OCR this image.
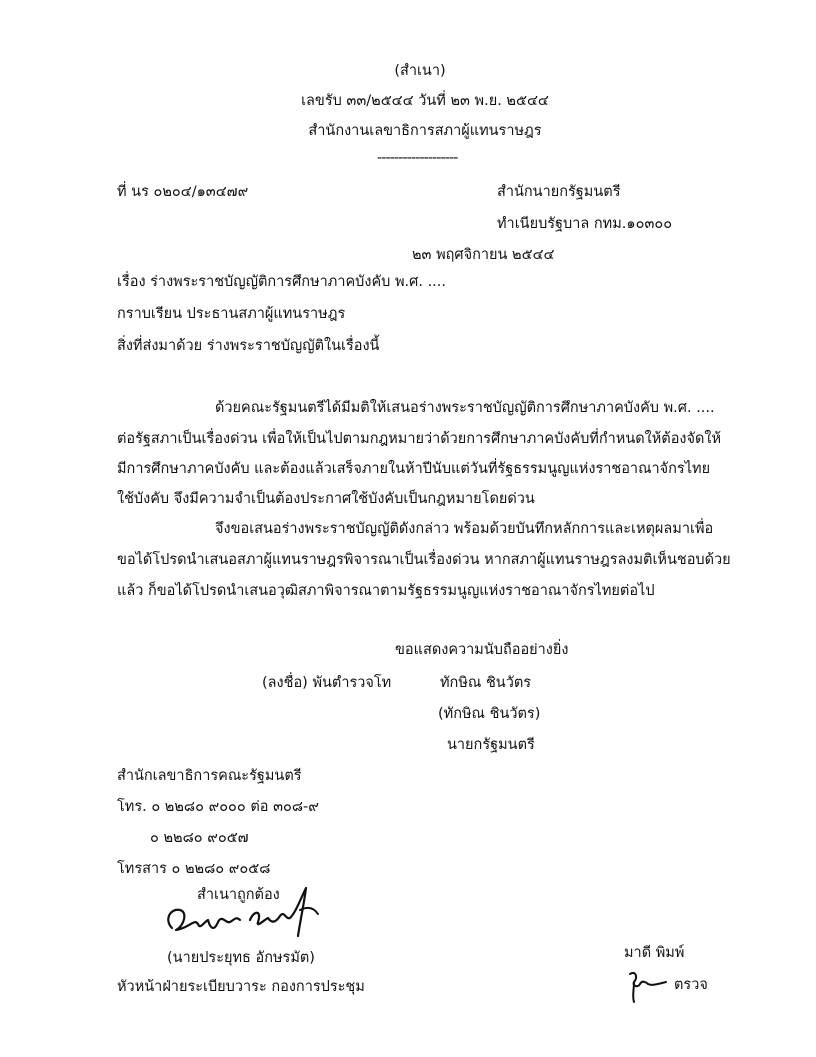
(สำเนา)
เลขรับ ๓๓/๒๕๔๔ วันที่ ๒๓ พ.ย. ๒๕๔๔
สำนักงานเลขาธิการสภาผู้แทนราษฎร
-------------------
ที่ นร ๐๒๐๔/๑๓๔๗๙	สำนักนายกรัฐมนตรี
ทำเนียบรัฐบาล กทม.๑๐๓๐๐
๒๓ พฤศจิกายน ๒๕๔๔
เรื่อง ร่างพระราชบัญญัติการศึกษาภาคบังคับ พ.ศ. ....
กราบเรียน ประธานสภาผู้แทนราษฎร
สิ่งที่ส่งมาด้วย ร่างพระราชบัญญัติในเรื่องนี้
ด้วยคณะรัฐมนตรีได้มีมติให้เสนอร่างพระราชบัญญัติการศึกษาภาคบังคับ พ.ศ. ....
ต่อรัฐสภาเป็นเรื่องด่วน เพื่อให้เป็นไปตามกฎหมายว่าด้วยการศึกษาภาคบังคับที่กำหนดให้ต้องจัดให้
มีการศึกษาภาคบังคับ และต้องแล้วเสร็จภายในห้าปีนับแต่วันที่รัฐธรรมนูญแห่งราชอาณาจักรไทย
ใช้บังคับ จึงมีความจำเป็นต้องประกาศใช้บังคับเป็นกฎหมายโดยด่วน
จึงขอเสนอร่างพระราชบัญญัติดังกล่าว พร้อมด้วยบันทึกหลักการและเหตุผลมาเพื่อ
ขอได้โปรดนำเสนอสภาผู้แทนราษฎรพิจารณาเป็นเรื่องด่วน หากสภาผู้แทนราษฎรลงมติเห็นชอบด้วย
แล้ว ก็ขอได้โปรดนำเสนอวุฒิสภาพิจารณาตามรัฐธรรมนูญแห่งราชอาณาจักรไทยต่อไป
ขอแสดงความนับถืออย่างยิ่ง
(ลงชื่อ) พันตำรวจโท	ทักษิณ ชินวัตร
(ทักษิณ ชินวัตร)
นายกรัฐมนตรี
สำนักเลขาธิการคณะรัฐมนตรี
โทร. ๐ ๒๒๘๐ ๙๐๐๐ ต่อ ๓๐๘-๙
๐ ๒๒๘๐ ๙๐๕๗
โทรสาร ๐ ๒๒๘๐ ๙๐๕๘
สำเนาถูกต้อง
(นายประยุทธ อักษรมัต)
หัวหน้าฝ่ายระเบียบวาระ กองการประชุม
มาดี พิมพ์
ตรวจ
